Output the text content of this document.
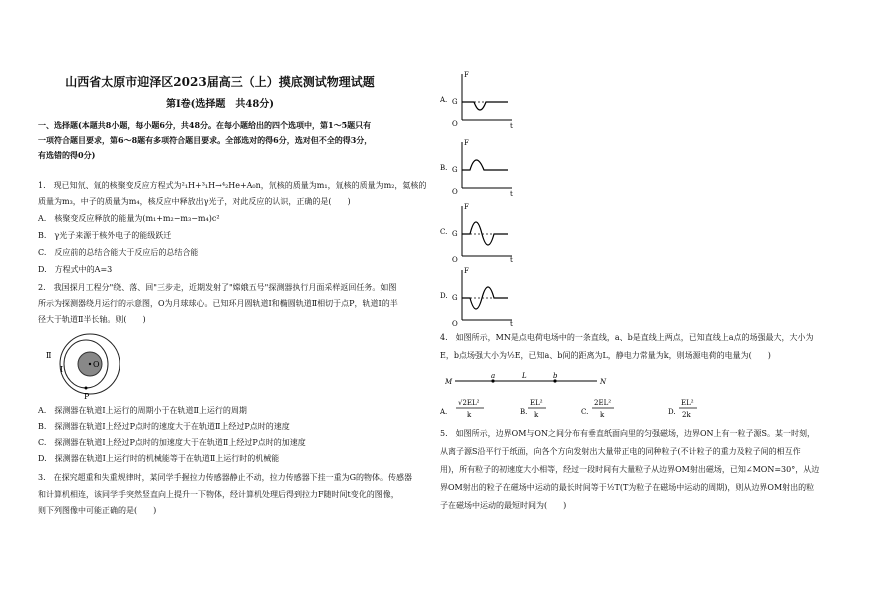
山西省太原市迎泽区2023届高三（上）摸底测试物理试题
第Ⅰ卷(选择题　共48分)
一、选择题(本题共8小题，每小题6分，共48分。在每小题给出的四个选项中，第1～5题只有
一项符合题目要求，第6～8题有多项符合题目要求。全部选对的得6分，选对但不全的得3分，
有选错的得0分)
1.　现已知氘、氚的核聚变反应方程式为²₁H+³₁H→⁴₂He+A₀n，氘核的质量为m₁，氚核的质量为m₂，氦核的
质量为m₃，中子的质量为m₄，核反应中释放出γ光子，对此反应的认识，正确的是(　　)
A.　核聚变反应释放的能量为(m₁+m₂−m₃−m₄)c²
B.　γ光子来源于核外电子的能级跃迁
C.　反应前的总结合能大于反应后的总结合能
D.　方程式中的A=3
2.　我国探月工程分"绕、落、回"三步走，近期发射了"嫦娥五号"探测器执行月面采样返回任务。如图
所示为探测器绕月运行的示意图，O为月球球心。已知环月圆轨道Ⅰ和椭圆轨道Ⅱ相切于点P，轨道Ⅰ的半
径大于轨道Ⅱ半长轴。则(　　)
Ⅱ
Ⅰ
O
P
A.　探测器在轨道Ⅰ上运行的周期小于在轨道Ⅱ上运行的周期
B.　探测器在轨道Ⅰ上经过P点时的速度大于在轨道Ⅱ上经过P点时的速度
C.　探测器在轨道Ⅰ上经过P点时的加速度大于在轨道Ⅱ上经过P点时的加速度
D.　探测器在轨道Ⅰ上运行时的机械能等于在轨道Ⅱ上运行时的机械能
3.　在探究超重和失重规律时，某同学手握拉力传感器静止不动，拉力传感器下挂一重为G的物体。传感器
和计算机相连，该同学手突然竖直向上提升一下物体，经计算机处理后得到拉力F随时间t变化的图像，
则下列图像中可能正确的是(　　)
A.
F
t
O
G
B.
F
t
O
G
C.
F
t
O
G
D.
F
t
O
G
4.　如图所示，MN是点电荷电场中的一条直线，a、b是直线上两点，已知直线上a点的场强最大，大小为
E，b点场强大小为½E，已知a、b间的距离为L，静电力常量为k，则场源电荷的电量为(　　)
M
a	L	b
N
A.
√2EL²
k	B.
EL²
k	C.
2EL²
k	D.
EL²
2k
5.　如图所示，边界OM与ON之间分布有垂直纸面向里的匀强磁场，边界ON上有一粒子源S。某一时刻，
从离子源S沿平行于纸面，向各个方向发射出大量带正电的同种粒子(不计粒子的重力及粒子间的相互作
用)，所有粒子的初速度大小相等，经过一段时间有大量粒子从边界OM射出磁场，已知∠MON=30°，从边
界OM射出的粒子在磁场中运动的最长时间等于½T(T为粒子在磁场中运动的周期)，则从边界OM射出的粒
子在磁场中运动的最短时间为(　　)
